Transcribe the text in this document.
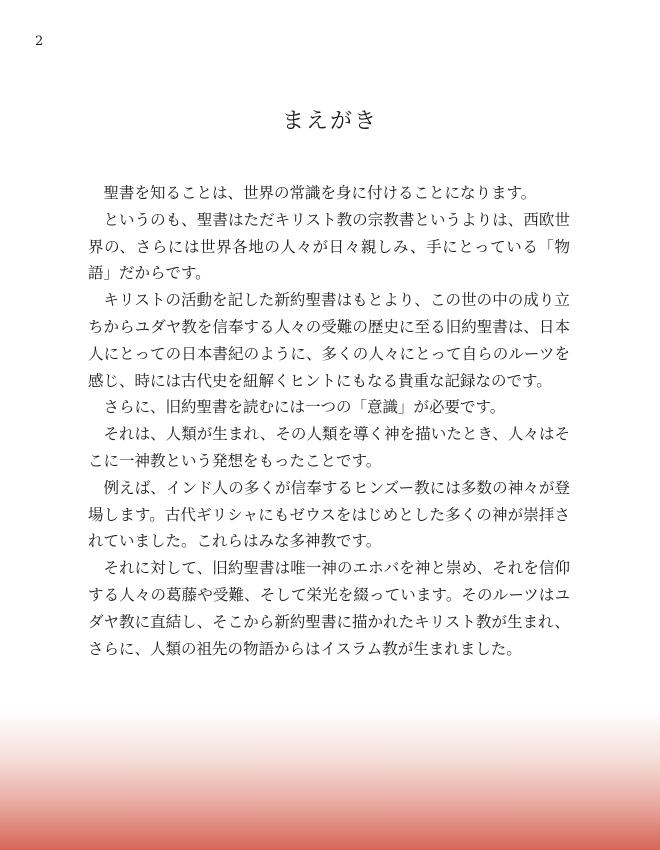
2
まえがき

聖書を知ることは、世界の常識を身に付けることになります。

というのも、聖書はただキリスト教の宗教書というよりは、西欧世界の、さらには世界各地の人々が日々親しみ、手にとっている「物語」だからです。

キリストの活動を記した新約聖書はもとより、この世の中の成り立ちからユダヤ教を信奉する人々の受難の歴史に至る旧約聖書は、日本人にとっての日本書紀のように、多くの人々にとって自らのルーツを感じ、時には古代史を紐解くヒントにもなる貴重な記録なのです。

さらに、旧約聖書を読むには一つの「意識」が必要です。

それは、人類が生まれ、その人類を導く神を描いたとき、人々はそこに一神教という発想をもったことです。

例えば、インド人の多くが信奉するヒンズー教には多数の神々が登場します。古代ギリシャにもゼウスをはじめとした多くの神が崇拝されていました。これらはみな多神教です。

それに対して、旧約聖書は唯一神のエホバを神と崇め、それを信仰する人々の葛藤や受難、そして栄光を綴っています。そのルーツはユダヤ教に直結し、そこから新約聖書に描かれたキリスト教が生まれ、さらに、人類の祖先の物語からはイスラム教が生まれました。
